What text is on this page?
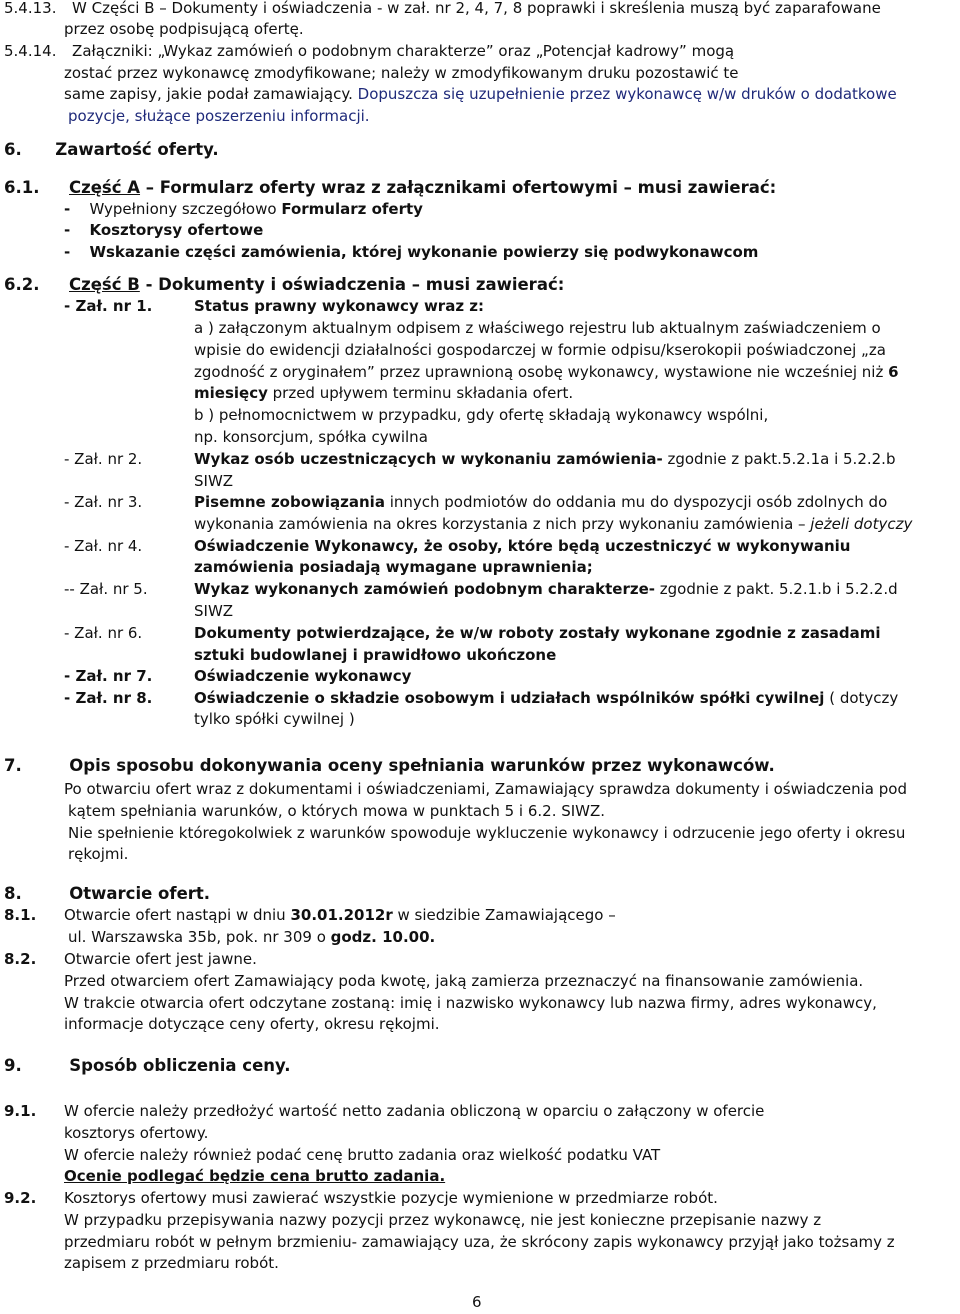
5.4.13. W Części B – Dokumenty i oświadczenia - w zał. nr 2, 4, 7, 8 poprawki i skreślenia muszą być zaparafowane

przez osobę podpisującą ofertę.

5.4.14. Załączniki: „Wykaz zamówień o podobnym charakterze” oraz „Potencjał kadrowy” mogą

zostać przez wykonawcę zmodyfikowane; należy w zmodyfikowanym druku pozostawić te

same zapisy, jakie podał zamawiający. Dopuszcza się uzupełnienie przez wykonawcę w/w druków o dodatkowe

pozycje, służące poszerzeniu informacji.

6. Zawartość oferty.

6.1. Część A – Formularz oferty wraz z załącznikami ofertowymi – musi zawierać:

- Wypełniony szczegółowo Formularz oferty

- Kosztorysy ofertowe

- Wskazanie części zamówienia, której wykonanie powierzy się podwykonawcom

6.2. Część B - Dokumenty i oświadczenia – musi zawierać:

- Zał. nr 1.	Status prawny wykonawcy wraz z:

a ) załączonym aktualnym odpisem z właściwego rejestru lub aktualnym zaświadczeniem o

wpisie do ewidencji działalności gospodarczej w formie odpisu/kserokopii poświadczonej „za

zgodność z oryginałem” przez uprawnioną osobę wykonawcy, wystawione nie wcześniej niż 6

miesięcy przed upływem terminu składania ofert.

b ) pełnomocnictwem w przypadku, gdy ofertę składają wykonawcy wspólni,

np. konsorcjum, spółka cywilna

- Zał. nr 2.	Wykaz osób uczestniczących w wykonaniu zamówienia- zgodnie z pakt.5.2.1a i 5.2.2.b

SIWZ

- Zał. nr 3.	Pisemne zobowiązania innych podmiotów do oddania mu do dyspozycji osób zdolnych do

wykonania zamówienia na okres korzystania z nich przy wykonaniu zamówienia – jeżeli dotyczy

- Zał. nr 4.	Oświadczenie Wykonawcy, że osoby, które będą uczestniczyć w wykonywaniu

zamówienia posiadają wymagane uprawnienia;

-- Zał. nr 5.	Wykaz wykonanych zamówień podobnym charakterze- zgodnie z pakt. 5.2.1.b i 5.2.2.d

SIWZ

- Zał. nr 6.	Dokumenty potwierdzające, że w/w roboty zostały wykonane zgodnie z zasadami

sztuki budowlanej i prawidłowo ukończone

- Zał. nr 7.	Oświadczenie wykonawcy

- Zał. nr 8.	Oświadczenie o składzie osobowym i udziałach wspólników spółki cywilnej ( dotyczy

tylko spółki cywilnej )

7.	Opis sposobu dokonywania oceny spełniania warunków przez wykonawców.

Po otwarciu ofert wraz z dokumentami i oświadczeniami, Zamawiający sprawdza dokumenty i oświadczenia pod

kątem spełniania warunków, o których mowa w punktach 5 i 6.2. SIWZ.

Nie spełnienie któregokolwiek z warunków spowoduje wykluczenie wykonawcy i odrzucenie jego oferty i okresu

rękojmi.

8.	Otwarcie ofert.

8.1. Otwarcie ofert nastąpi w dniu 30.01.2012r w siedzibie Zamawiającego –

ul. Warszawska 35b, pok. nr 309 o godz. 10.00.

8.2. Otwarcie ofert jest jawne.

Przed otwarciem ofert Zamawiający poda kwotę, jaką zamierza przeznaczyć na finansowanie zamówienia.

W trakcie otwarcia ofert odczytane zostaną: imię i nazwisko wykonawcy lub nazwa firmy, adres wykonawcy,

informacje dotyczące ceny oferty, okresu rękojmi.

9.	Sposób obliczenia ceny.

9.1. W ofercie należy przedłożyć wartość netto zadania obliczoną w oparciu o załączony w ofercie

kosztorys ofertowy.

W ofercie należy również podać cenę brutto zadania oraz wielkość podatku VAT

Ocenie podlegać będzie cena brutto zadania.

9.2. Kosztorys ofertowy musi zawierać wszystkie pozycje wymienione w przedmiarze robót.

W przypadku przepisywania nazwy pozycji przez wykonawcę, nie jest konieczne przepisanie nazwy z

przedmiaru robót w pełnym brzmieniu- zamawiający uza, że skrócony zapis wykonawcy przyjął jako tożsamy z

zapisem z przedmiaru robót.

6
